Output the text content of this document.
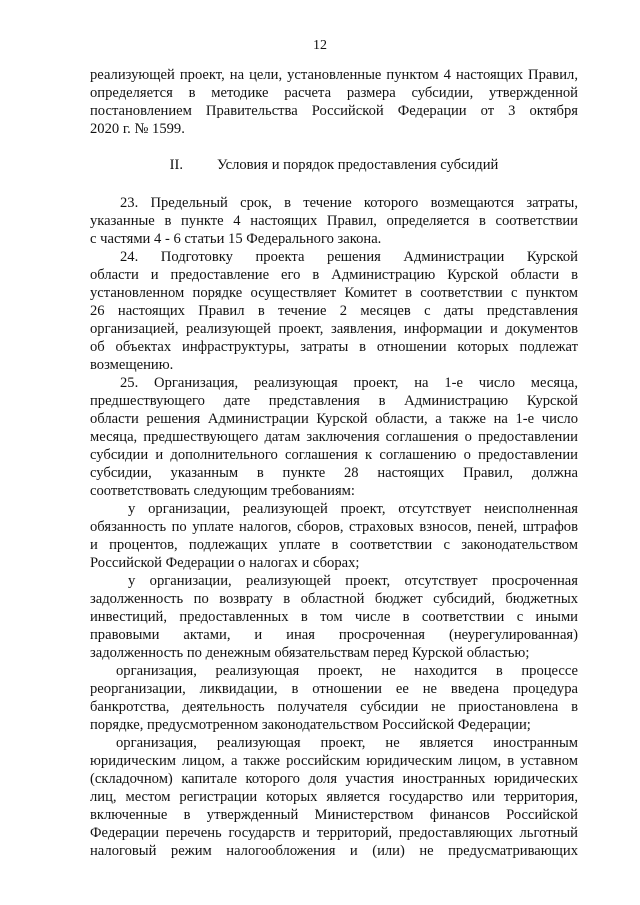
12
реализующей проект, на цели, установленные пунктом 4 настоящих Правил,
определяется в методике расчета размера субсидии, утвержденной
постановлением Правительства Российской Федерации от 3 октября
2020 г. № 1599.
II. Условия и порядок предоставления субсидий
23. Предельный срок, в течение которого возмещаются затраты,
указанные в пункте 4 настоящих Правил, определяется в соответствии
с частями 4 - 6 статьи 15 Федерального закона.
24. Подготовку проекта решения Администрации Курской
области и предоставление его в Администрацию Курской области в
установленном порядке осуществляет Комитет в соответствии с пунктом
26 настоящих Правил в течение 2 месяцев с даты представления
организацией, реализующей проект, заявления, информации и документов
об объектах инфраструктуры, затраты в отношении которых подлежат
возмещению.
25. Организация, реализующая проект, на 1-е число месяца,
предшествующего дате представления в Администрацию Курской
области решения Администрации Курской области, а также на 1-е число
месяца, предшествующего датам заключения соглашения о предоставлении
субсидии и дополнительного соглашения к соглашению о предоставлении
субсидии, указанным в пункте 28 настоящих Правил, должна
соответствовать следующим требованиям:
у организации, реализующей проект, отсутствует неисполненная
обязанность по уплате налогов, сборов, страховых взносов, пеней, штрафов
и процентов, подлежащих уплате в соответствии с законодательством
Российской Федерации о налогах и сборах;
у организации, реализующей проект, отсутствует просроченная
задолженность по возврату в областной бюджет субсидий, бюджетных
инвестиций, предоставленных в том числе в соответствии с иными
правовыми актами, и иная просроченная (неурегулированная)
задолженность по денежным обязательствам перед Курской областью;
организация, реализующая проект, не находится в процессе
реорганизации, ликвидации, в отношении ее не введена процедура
банкротства, деятельность получателя субсидии не приостановлена в
порядке, предусмотренном законодательством Российской Федерации;
организация, реализующая проект, не является иностранным
юридическим лицом, а также российским юридическим лицом, в уставном
(складочном) капитале которого доля участия иностранных юридических
лиц, местом регистрации которых является государство или территория,
включенные в утвержденный Министерством финансов Российской
Федерации перечень государств и территорий, предоставляющих льготный
налоговый режим налогообложения и (или) не предусматривающих
